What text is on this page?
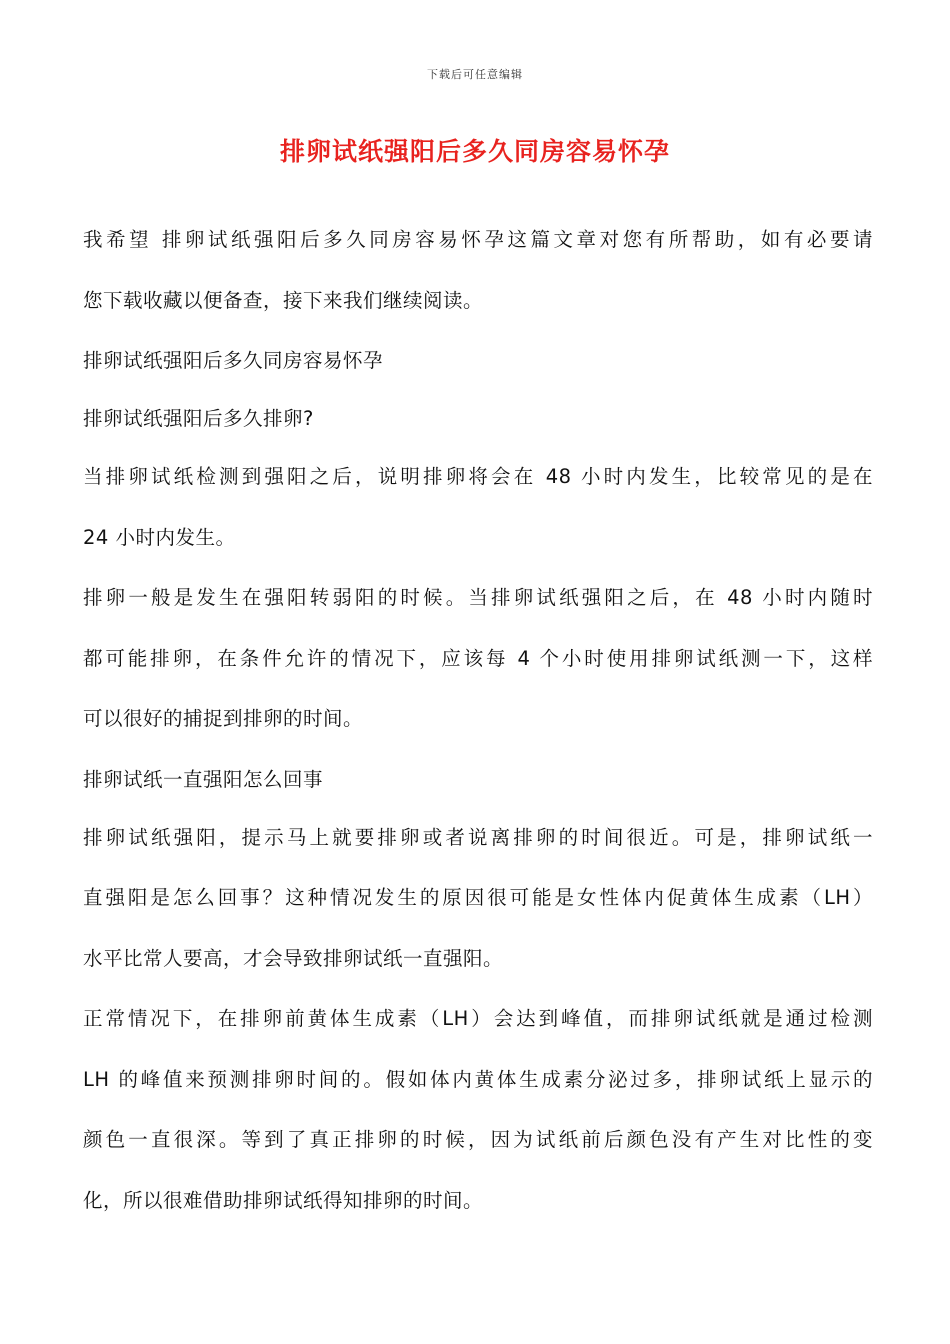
下载后可任意编辑
排卵试纸强阳后多久同房容易怀孕
我希望 排卵试纸强阳后多久同房容易怀孕这篇文章对您有所帮助，如有必要请
您下载收藏以便备查，接下来我们继续阅读。
排卵试纸强阳后多久同房容易怀孕
排卵试纸强阳后多久排卵?
当排卵试纸检测到强阳之后，说明排卵将会在 48 小时内发生，比较常见的是在
24 小时内发生。
排卵一般是发生在强阳转弱阳的时候。当排卵试纸强阳之后，在 48 小时内随时
都可能排卵，在条件允许的情况下，应该每 4 个小时使用排卵试纸测一下，这样
可以很好的捕捉到排卵的时间。
排卵试纸一直强阳怎么回事
排卵试纸强阳，提示马上就要排卵或者说离排卵的时间很近。可是，排卵试纸一
直强阳是怎么回事？这种情况发生的原因很可能是女性体内促黄体生成素（LH）
水平比常人要高，才会导致排卵试纸一直强阳。
正常情况下，在排卵前黄体生成素（LH）会达到峰值，而排卵试纸就是通过检测
LH 的峰值来预测排卵时间的。假如体内黄体生成素分泌过多，排卵试纸上显示的
颜色一直很深。等到了真正排卵的时候，因为试纸前后颜色没有产生对比性的变
化，所以很难借助排卵试纸得知排卵的时间。
